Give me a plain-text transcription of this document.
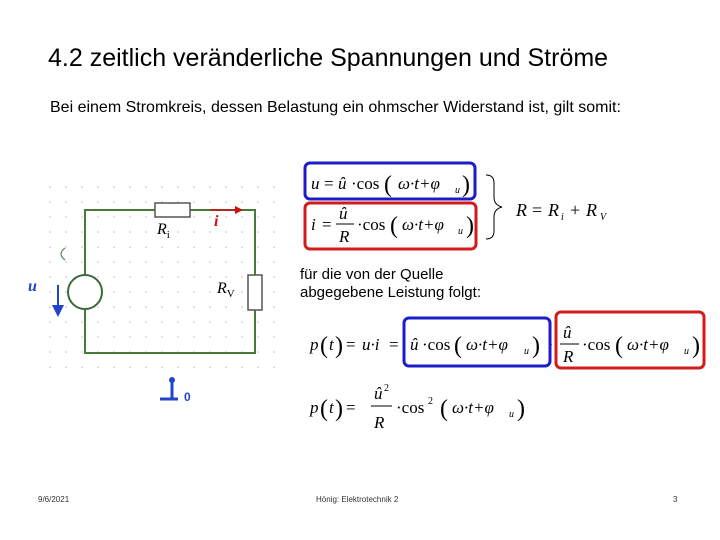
4.2 zeitlich veränderliche Spannungen und Ströme
Bei einem Stromkreis, dessen Belastung ein ohmscher Widerstand ist, gilt somit:
$R_i$
i
$R_V$
u
0
u = û ·cos ( ω·t+φ u )
i =
û
R
·cos ( ω·t+φ u )
R = R i + R V
p ( t ) = u·i = û ·cos ( ω·t+φ u ) ·
û
R
·cos ( ω·t+φ u )
p ( t ) =
û 2
R
·cos 2 ( ω·t+φ u )
für die von der Quelle
abgegebene Leistung folgt:
9/6/2021	Hönig: Elektrotechnik 2	3
